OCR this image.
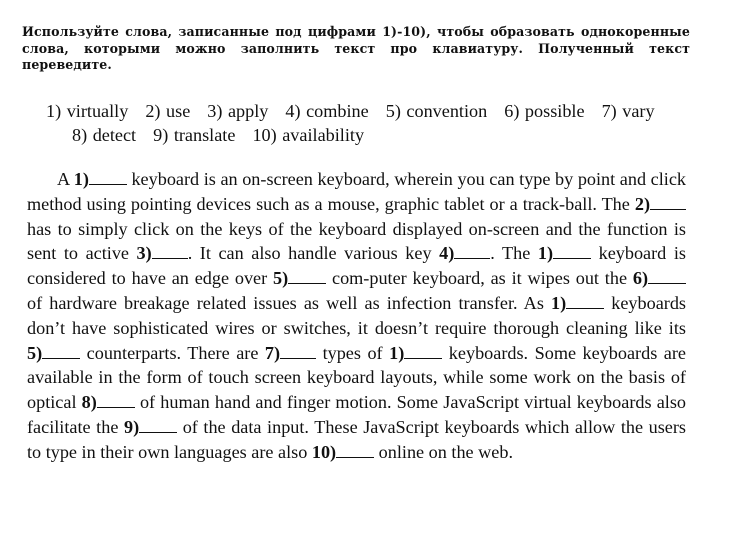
Используйте слова, записанные под цифрами 1)-10), чтобы образовать однокоренные слова, которыми можно заполнить текст про клавиатуру. Полученный текст переведите.
1) virtually 2) use 3) apply 4) combine 5) convention 6) possible 7) vary
8) detect 9) translate 10) availability

A 1) keyboard is an on-screen keyboard, wherein you can type by point and click method using pointing devices such as a mouse, graphic tablet or a track-ball. The 2) has to simply click on the keys of the keyboard displayed on-screen and the function is sent to active 3) . It can also handle various key 4) . The 1) keyboard is considered to have an edge over 5) com-puter keyboard, as it wipes out the 6) of hardware breakage related issues as well as infection transfer. As 1) keyboards don’t have sophisticated wires or switches, it doesn’t require thorough cleaning like its 5) counterparts. There are 7) types of 1) keyboards. Some keyboards are available in the form of touch screen keyboard layouts, while some work on the basis of optical 8) of human hand and finger motion. Some JavaScript virtual keyboards also facilitate the 9) of the data input. These JavaScript keyboards which allow the users to type in their own languages are also 10) online on the web.
